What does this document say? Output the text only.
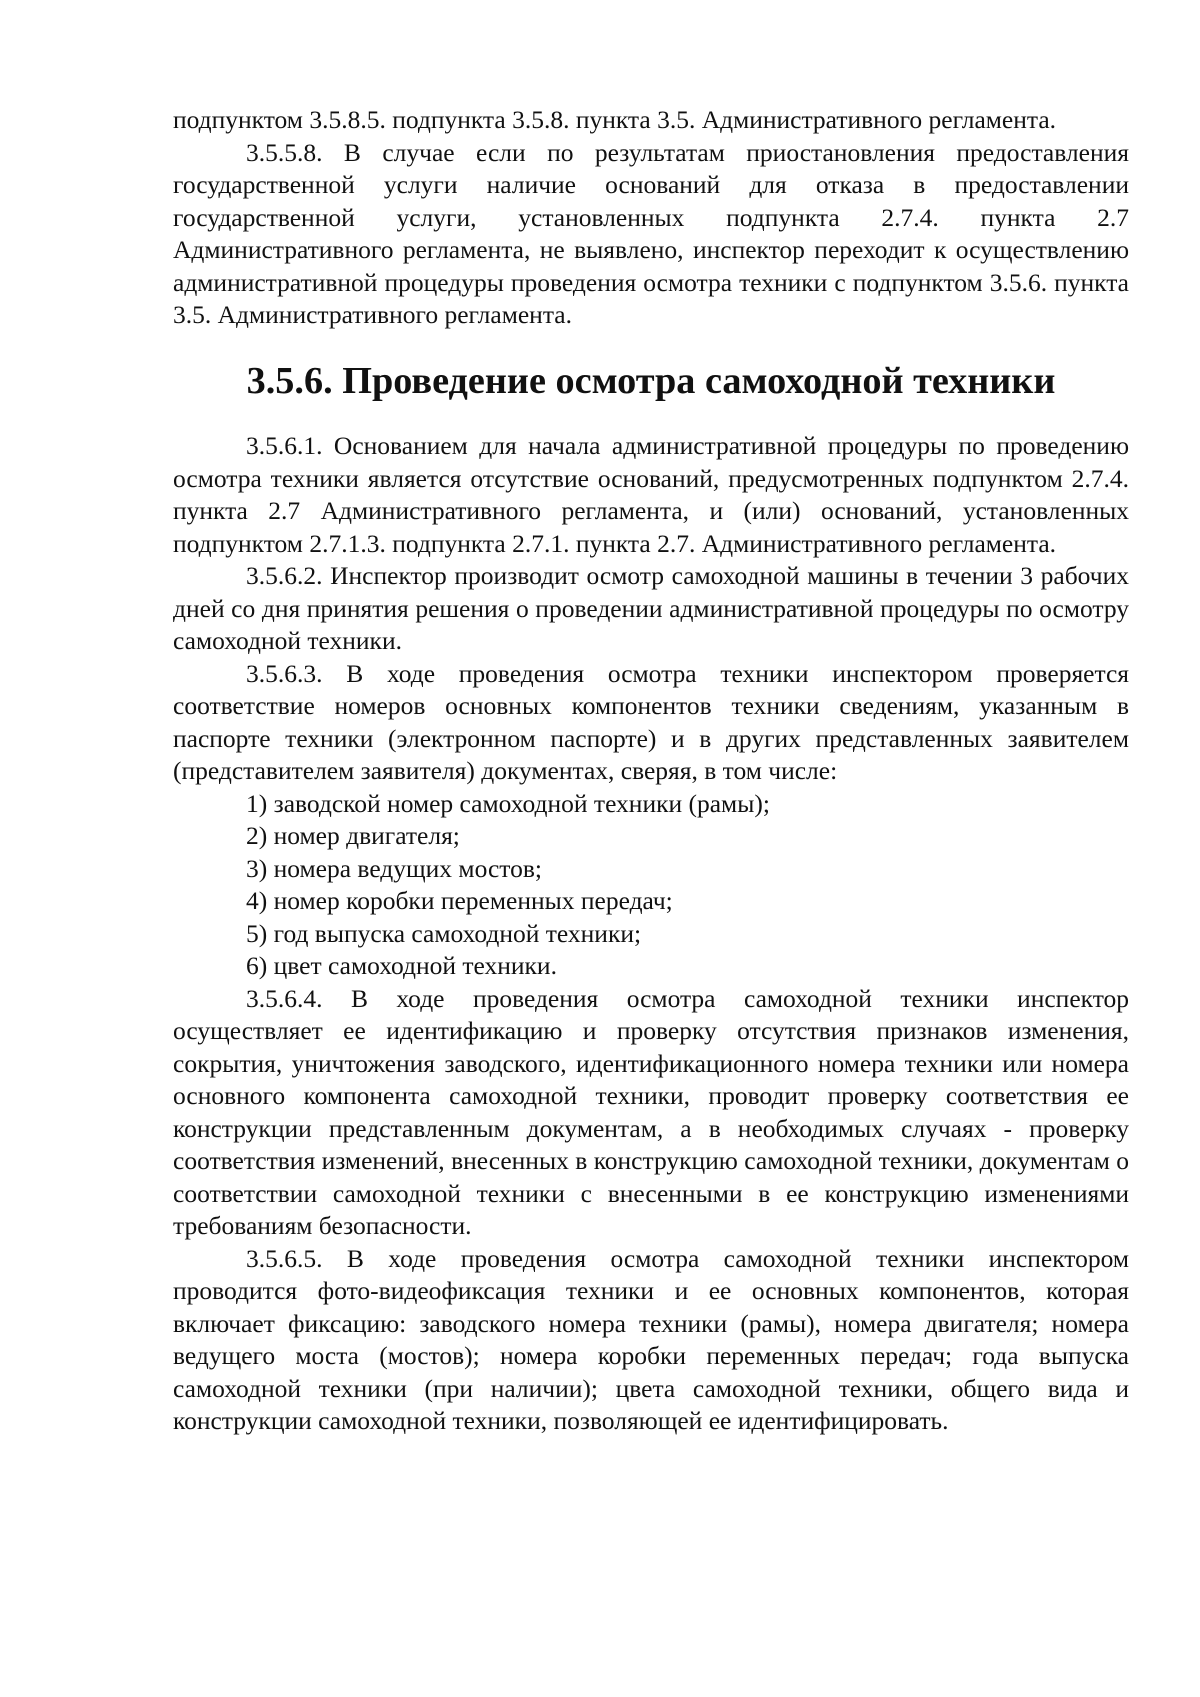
подпунктом 3.5.8.5. подпункта 3.5.8. пункта 3.5. Административного регламента.

3.5.5.8. В случае если по результатам приостановления предоставления государственной услуги наличие оснований для отказа в предоставлении государственной услуги, установленных подпункта 2.7.4. пункта 2.7 Административного регламента, не выявлено, инспектор переходит к осуществлению административной процедуры проведения осмотра техники с подпунктом 3.5.6. пункта 3.5. Административного регламента.

3.5.6. Проведение осмотра самоходной техники

3.5.6.1. Основанием для начала административной процедуры по проведению осмотра техники является отсутствие оснований, предусмотренных подпунктом 2.7.4. пункта 2.7 Административного регламента, и (или) оснований, установленных подпунктом 2.7.1.3. подпункта 2.7.1. пункта 2.7. Административного регламента.

3.5.6.2. Инспектор производит осмотр самоходной машины в течении 3 рабочих дней со дня принятия решения о проведении административной процедуры по осмотру самоходной техники.

3.5.6.3. В ходе проведения осмотра техники инспектором проверяется соответствие номеров основных компонентов техники сведениям, указанным в паспорте техники (электронном паспорте) и в других представленных заявителем (представителем заявителя) документах, сверяя, в том числе:

1) заводской номер самоходной техники (рамы);

2) номер двигателя;

3) номера ведущих мостов;

4) номер коробки переменных передач;

5) год выпуска самоходной техники;

6) цвет самоходной техники.

3.5.6.4. В ходе проведения осмотра самоходной техники инспектор осуществляет ее идентификацию и проверку отсутствия признаков изменения, сокрытия, уничтожения заводского, идентификационного номера техники или номера основного компонента самоходной техники, проводит проверку соответствия ее конструкции представленным документам, а в необходимых случаях - проверку соответствия изменений, внесенных в конструкцию самоходной техники, документам о соответствии самоходной техники с внесенными в ее конструкцию изменениями требованиям безопасности.

3.5.6.5. В ходе проведения осмотра самоходной техники инспектором проводится фото-видеофиксация техники и ее основных компонентов, которая включает фиксацию: заводского номера техники (рамы), номера двигателя; номера ведущего моста (мостов); номера коробки переменных передач; года выпуска самоходной техники (при наличии); цвета самоходной техники, общего вида и конструкции самоходной техники, позволяющей ее идентифицировать.
